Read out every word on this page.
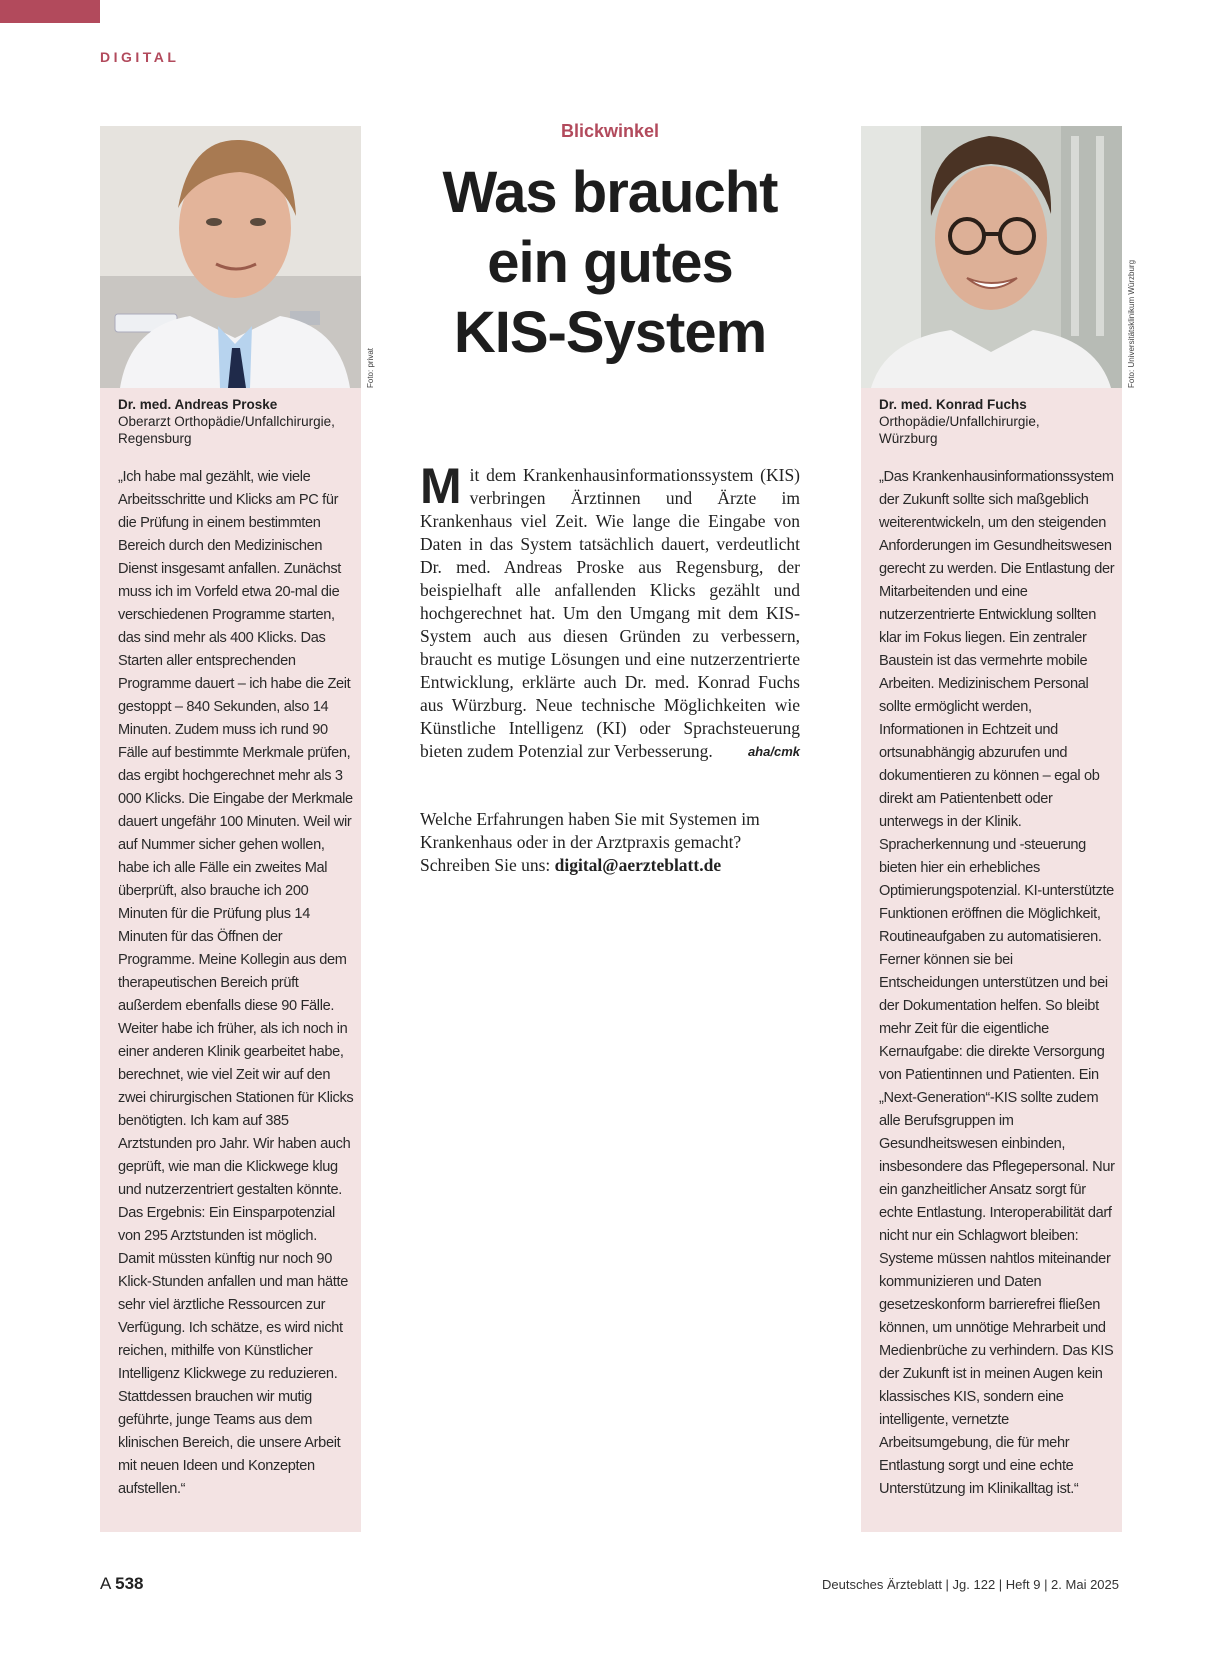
DIGITAL
Foto: privat
Dr. med. Andreas Proske
Oberarzt Orthopädie/Unfallchirurgie,
Regensburg
„Ich habe mal gezählt, wie viele Arbeitsschritte und Klicks am PC für die Prüfung in einem bestimmten Bereich durch den Medizinischen Dienst insgesamt anfallen. Zunächst muss ich im Vorfeld etwa 20-mal die verschiedenen Programme starten, das sind mehr als 400 Klicks. Das Starten aller entsprechenden Programme dauert – ich habe die Zeit gestoppt – 840 Sekunden, also 14 Minuten. Zudem muss ich rund 90 Fälle auf bestimmte Merkmale prüfen, das ergibt hochgerechnet mehr als 3 000 Klicks. Die Eingabe der Merkmale dauert ungefähr 100 Minuten. Weil wir auf Nummer sicher gehen wollen, habe ich alle Fälle ein zweites Mal überprüft, also brauche ich 200 Minuten für die Prüfung plus 14 Minuten für das Öffnen der Programme. Meine Kollegin aus dem therapeutischen Bereich prüft außerdem ebenfalls diese 90 Fälle. Weiter habe ich früher, als ich noch in einer anderen Klinik gearbeitet habe, berechnet, wie viel Zeit wir auf den zwei chirurgischen Stationen für Klicks benötigten. Ich kam auf 385 Arztstunden pro Jahr. Wir haben auch geprüft, wie man die Klickwege klug und nutzerzentriert gestalten könnte. Das Ergebnis: Ein Einsparpotenzial von 295 Arztstunden ist möglich. Damit müssten künftig nur noch 90 Klick-Stunden anfallen und man hätte sehr viel ärztliche Ressourcen zur Verfügung. Ich schätze, es wird nicht reichen, mithilfe von Künstlicher Intelligenz Klickwege zu reduzieren. Stattdessen brauchen wir mutig geführte, junge Teams aus dem klinischen Bereich, die unsere Arbeit mit neuen Ideen und Konzepten aufstellen.“
Blickwinkel
Was braucht
ein gutes
KIS-System
Mit dem Krankenhausinformationssystem (KIS) verbringen Ärztinnen und Ärzte im Krankenhaus viel Zeit. Wie lange die Eingabe von Daten in das System tatsächlich dauert, verdeutlicht Dr. med. Andreas Proske aus Regensburg, der beispielhaft alle anfallenden Klicks gezählt und hochgerechnet hat. Um den Umgang mit dem KIS-System auch aus diesen Gründen zu verbessern, braucht es mutige Lösungen und eine nutzerzentrierte Entwicklung, erklärte auch Dr. med. Konrad Fuchs aus Würzburg. Neue technische Möglichkeiten wie Künstliche Intelligenz (KI) oder Sprachsteuerung bieten zudem Potenzial zur Verbesserung.	aha/cmk
Welche Erfahrungen haben Sie mit Systemen im Krankenhaus oder in der Arztpraxis gemacht? Schreiben Sie uns: digital@aerzteblatt.de
Foto: Universitätsklinikum Würzburg
Dr. med. Konrad Fuchs
Orthopädie/Unfallchirurgie,
Würzburg
„Das Krankenhausinformationssystem der Zukunft sollte sich maßgeblich weiterentwickeln, um den steigenden Anforderungen im Gesundheitswesen gerecht zu werden. Die Entlastung der Mitarbeitenden und eine nutzerzentrierte Entwicklung sollten klar im Fokus liegen. Ein zentraler Baustein ist das vermehrte mobile Arbeiten. Medizinischem Personal sollte ermöglicht werden, Informationen in Echtzeit und ortsunabhängig abzurufen und dokumentieren zu können – egal ob direkt am Patientenbett oder unterwegs in der Klinik. Spracherkennung und -steuerung bieten hier ein erhebliches Optimierungspotenzial. KI-unterstützte Funktionen eröffnen die Möglichkeit, Routineaufgaben zu automatisieren. Ferner können sie bei Entscheidungen unterstützen und bei der Dokumentation helfen. So bleibt mehr Zeit für die eigentliche Kernaufgabe: die direkte Versorgung von Patientinnen und Patienten. Ein „Next-Generation“-KIS sollte zudem alle Berufsgruppen im Gesundheitswesen einbinden, insbesondere das Pflegepersonal. Nur ein ganzheitlicher Ansatz sorgt für echte Entlastung. Interoperabilität darf nicht nur ein Schlagwort bleiben: Systeme müssen nahtlos miteinander kommunizieren und Daten gesetzeskonform barrierefrei fließen können, um unnötige Mehrarbeit und Medienbrüche zu verhindern. Das KIS der Zukunft ist in meinen Augen kein klassisches KIS, sondern eine intelligente, vernetzte Arbeitsumgebung, die für mehr Entlastung sorgt und eine echte Unterstützung im Klinikalltag ist.“
A 538	Deutsches Ärzteblatt | Jg. 122 | Heft 9 | 2. Mai 2025
